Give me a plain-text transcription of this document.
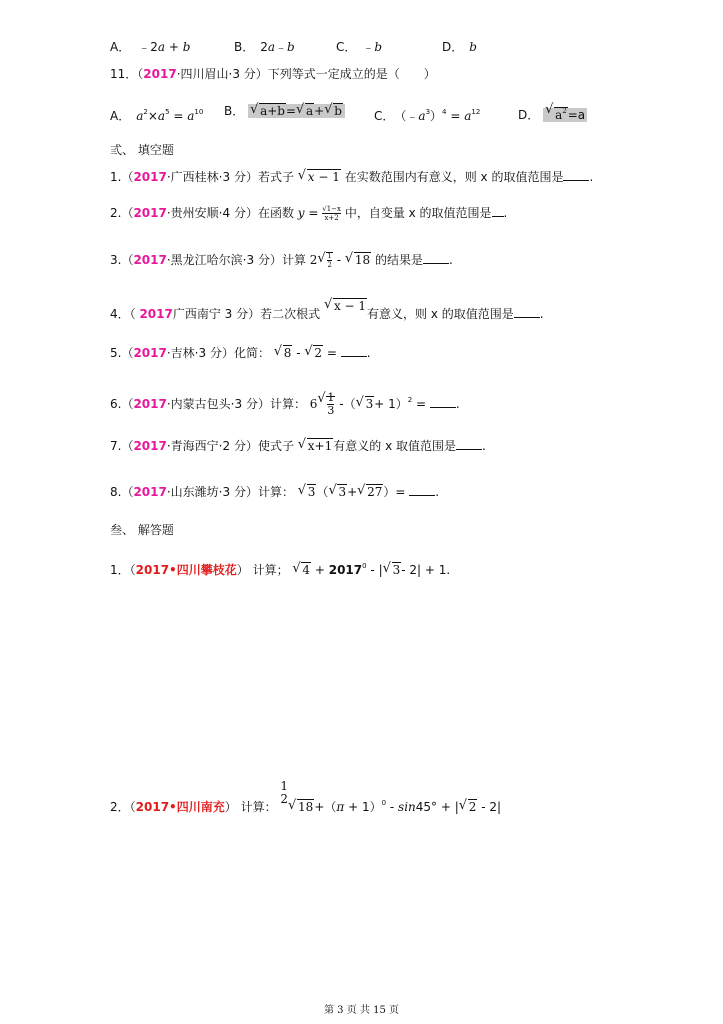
A． ﹣2a + b	B． 2a﹣b	C． ﹣b	D． b
11．（2017·四川眉山·3 分）下列等式一定成立的是（　　）
A． $a^2\times a^5 = a^{10}$ B． √ a+b= √ a+ √ b	C． $(﹣a^3)^4 = a^{12}$	D． √ $a^2=a$
弎、 填空题
1.（2017·广西桂林·3 分）若式子 √ x − 1 在实数范围内有意义，则 x 的取值范围是 .
2.（2017·贵州安顺·4 分）在函数 $y = \frac{√1-x}{x+2}$ 中，自变量 x 的取值范围是 .
3.（2017·黑龙江哈尔滨·3 分）计算 2 √ $\frac{1}{2}$ - √ 18 的结果是 .
4．（ 2017广西南宁 3 分）若二次根式 √ x − 1有意义，则 x 的取值范围是 .
5.（2017·吉林·3 分）化简： √ 8 - √ 2 = .
6.（2017·内蒙古包头·3 分）计算： 6 √ $\frac{1}{3}$ -（ √ 3+ 1）$^2$ = .
7.（2017·青海西宁·2 分）使式子 √ x+1有意义的 x 取值范围是 .
8.（2017·山东潍坊·3 分）计算： √ 3（ √ 3+ √ 27）= .
叁、 解答题
1．（2017•四川攀枝花） 计算； √ $4 + 2017^0$ - | √ 3- 2| + 1.
2．（2017•四川南充） 计算：
1
2
√ $18+(\pi + 1)^0 - \sin 45^\circ$ + | √ 2 - 2|
第 3 页 共 15 页
